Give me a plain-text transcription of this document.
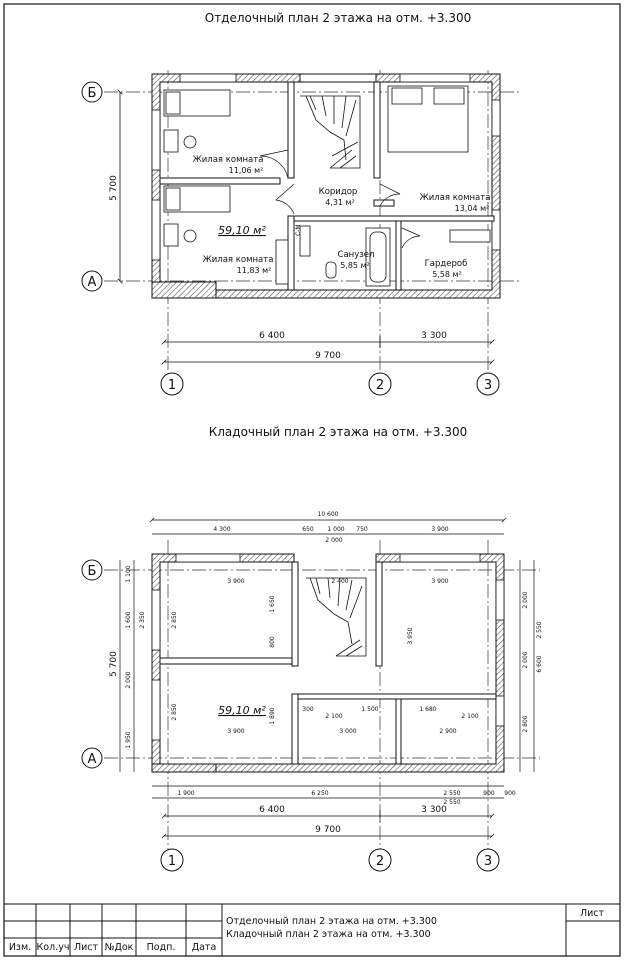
Отделочный план 2 этажа на отм. +3.300
Жилая комната
11,06 м²
Коридор
4,31 м²	Жилая комната
13,04 м²
Санузел
5,85 м²	Гардероб
5,58 м²
Жилая комната
11,83 м²
59,10 м²	С-М
5 700
6 400	3 300
9 700
Б
А
1	2	3
Кладочный план 2 этажа на отм. +3.300
10 600
4 300	650 1 000 750
2 000
3 900
5 700	6 600
1 900	6 250	2 550	900
2 550
6 400	3 300
9 700
3 900	2 400	3 900
2 850
1 650
3 950
800
300
2 100
1 500	1 680
2 100
3 900	3 000	2 900
1 890
2 850
1 600 2 350
2 000
1 950
1 100
2 000
2 550
2 800
2 000
900
59,10 м²
Б
А
1	2	3
Изм. Кол.уч Лист №Док Подп. Дата
Отделочный план 2 этажа на отм. +3.300
Кладочный план 2 этажа на отм. +3.300
Лист
